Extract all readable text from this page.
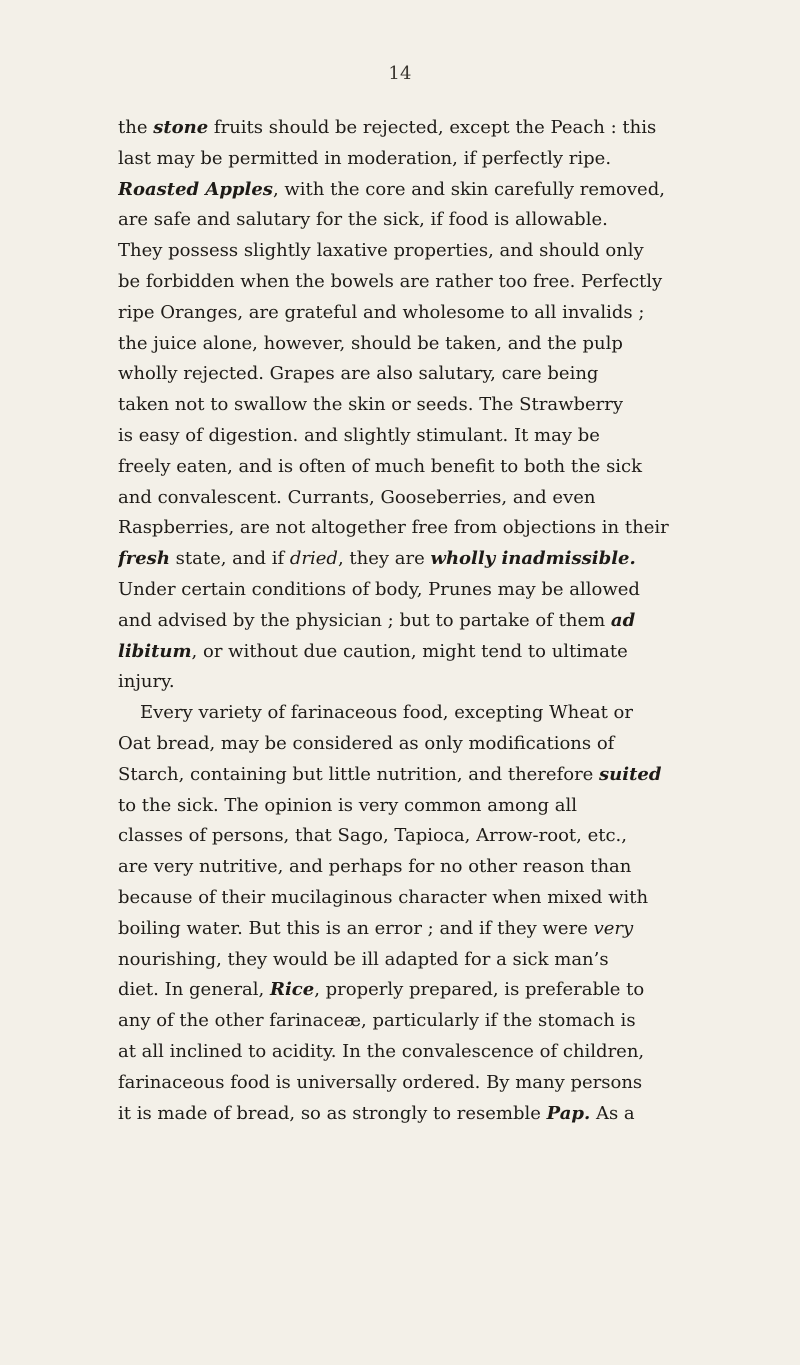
14
the stone fruits should be rejected, except the Peach : this
last may be permitted in moderation, if perfectly ripe.
Roasted Apples, with the core and skin carefully removed,
are safe and salutary for the sick, if food is allowable.
They possess slightly laxative properties, and should only
be forbidden when the bowels are rather too free. Perfectly
ripe Oranges, are grateful and wholesome to all invalids ;
the juice alone, however, should be taken, and the pulp
wholly rejected. Grapes are also salutary, care being
taken not to swallow the skin or seeds. The Strawberry
is easy of digestion. and slightly stimulant. It may be
freely eaten, and is often of much benefit to both the sick
and convalescent. Currants, Gooseberries, and even
Raspberries, are not altogether free from objections in their
fresh state, and if dried, they are wholly inadmissible.
Under certain conditions of body, Prunes may be allowed
and advised by the physician ; but to partake of them ad
libitum, or without due caution, might tend to ultimate
injury.
Every variety of farinaceous food, excepting Wheat or
Oat bread, may be considered as only modifications of
Starch, containing but little nutrition, and therefore suited
to the sick. The opinion is very common among all
classes of persons, that Sago, Tapioca, Arrow-root, etc.,
are very nutritive, and perhaps for no other reason than
because of their mucilaginous character when mixed with
boiling water. But this is an error ; and if they were very
nourishing, they would be ill adapted for a sick man’s
diet. In general, Rice, properly prepared, is preferable to
any of the other farinaceæ, particularly if the stomach is
at all inclined to acidity. In the convalescence of children,
farinaceous food is universally ordered. By many persons
it is made of bread, so as strongly to resemble Pap. As a
